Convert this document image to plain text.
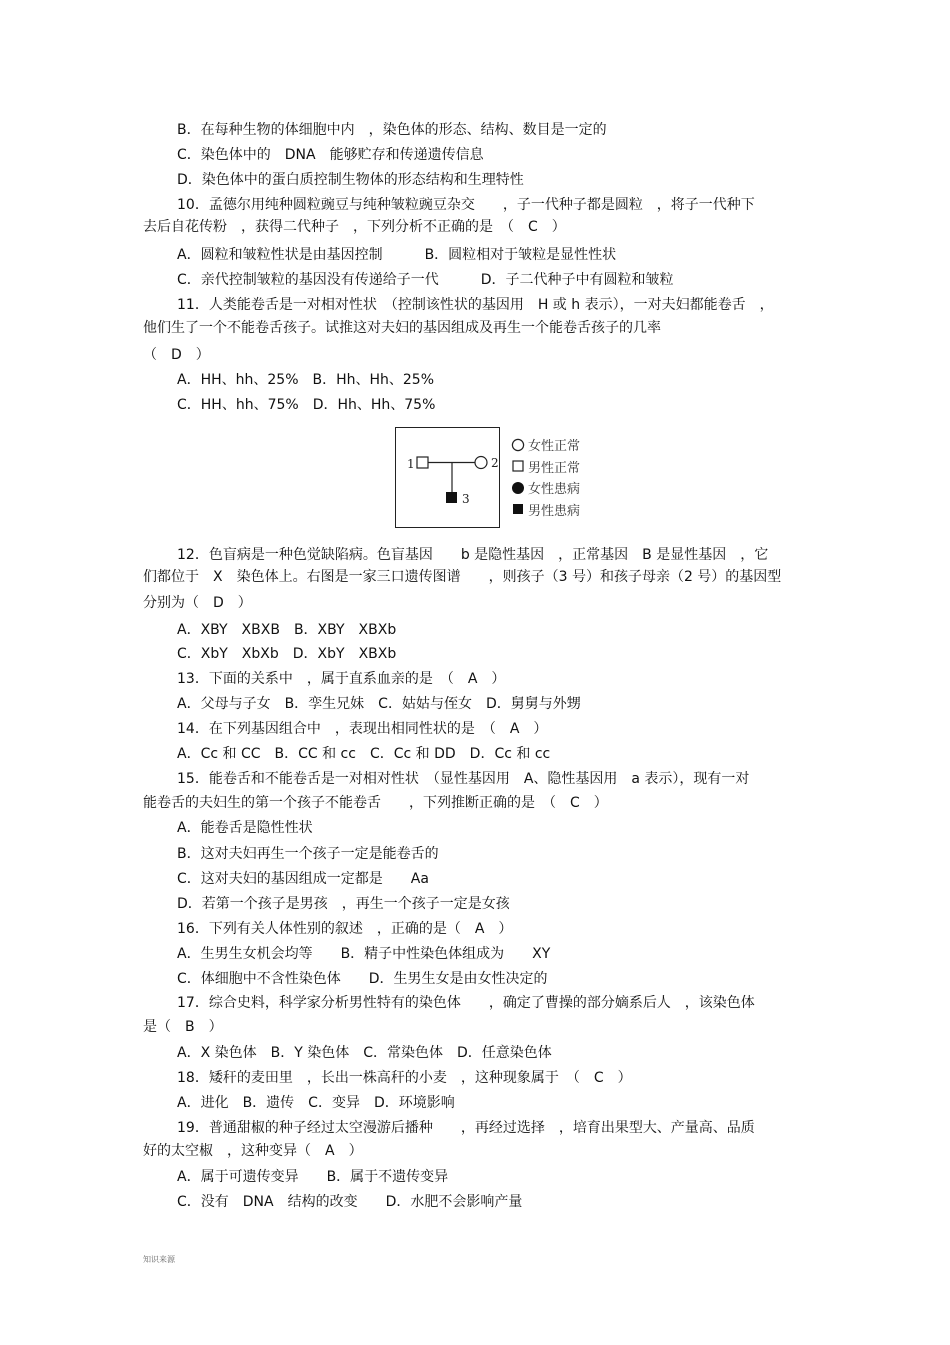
B．在每种生物的体细胞中内　，染色体的形态、结构、数目是一定的
C．染色体中的　DNA　能够贮存和传递遗传信息
D．染色体中的蛋白质控制生物体的形态结构和生理特性
10．孟德尔用纯种圆粒豌豆与纯种皱粒豌豆杂交　　，子一代种子都是圆粒　，将子一代种下
去后自花传粉　，获得二代种子　，下列分析不正确的是　（　C　）
A．圆粒和皱粒性状是由基因控制　　　B．圆粒相对于皱粒是显性性状
C．亲代控制皱粒的基因没有传递给子一代　　　D．子二代种子中有圆粒和皱粒
11．人类能卷舌是一对相对性状　（控制该性状的基因用　H 或 h 表示），一对夫妇都能卷舌　，
他们生了一个不能卷舌孩子。试推这对夫妇的基因组成及再生一个能卷舌孩子的几率
（　D　）
A．HH、hh、25%　B．Hh、Hh、25%
C．HH、hh、75%　D．Hh、Hh、75%
1	2
3
女性正常
男性正常
女性患病
男性患病
12．色盲病是一种色觉缺陷病。色盲基因　　b 是隐性基因　，正常基因　B 是显性基因　，它
们都位于　X　染色体上。右图是一家三口遗传图谱　　，则孩子（3 号）和孩子母亲（2 号）的基因型
分别为（　D　）
A．XBY　XBXB　B．XBY　XBXb
C．XbY　XbXb　D．XbY　XBXb
13．下面的关系中　，属于直系血亲的是　（　A　）
A．父母与子女　B．孪生兄妹　C．姑姑与侄女　D．舅舅与外甥
14．在下列基因组合中　，表现出相同性状的是　（　A　）
A．Cc 和 CC　B．CC 和 cc　C．Cc 和 DD　D．Cc 和 cc
15．能卷舌和不能卷舌是一对相对性状　（显性基因用　A、隐性基因用　a 表示），现有一对
能卷舌的夫妇生的第一个孩子不能卷舌　　，下列推断正确的是　（　C　）
A．能卷舌是隐性性状
B．这对夫妇再生一个孩子一定是能卷舌的
C．这对夫妇的基因组成一定都是　　Aa
D．若第一个孩子是男孩　，再生一个孩子一定是女孩
16．下列有关人体性别的叙述　，正确的是（　A　）
A．生男生女机会均等　　B．精子中性染色体组成为　　XY
C．体细胞中不含性染色体　　D．生男生女是由女性决定的
17．综合史料，科学家分析男性特有的染色体　　，确定了曹操的部分嫡系后人　，该染色体
是（　B　）
A．X 染色体　B．Y 染色体　C．常染色体　D．任意染色体
18．矮秆的麦田里　，长出一株高秆的小麦　，这种现象属于　（　C　）
A．进化　B．遗传　C．变异　D．环境影响
19．普通甜椒的种子经过太空漫游后播种　　，再经过选择　，培育出果型大、产量高、品质
好的太空椒　，这种变异（　A　）
A．属于可遗传变异　　B．属于不遗传变异
C．没有　DNA　结构的改变　　D．水肥不会影响产量
知识来源
